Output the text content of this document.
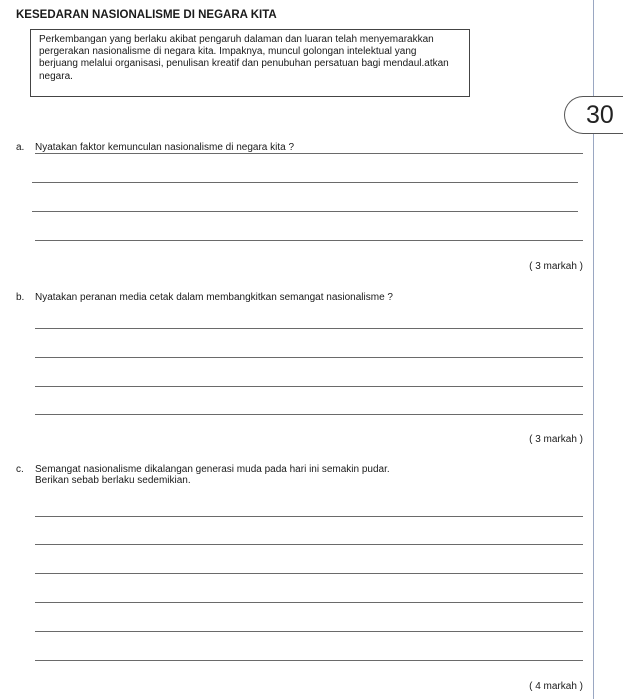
KESEDARAN NASIONALISME DI NEGARA KITA
Perkembangan yang berlaku akibat pengaruh dalaman dan luaran telah menyemarakkan
pergerakan nasionalisme di negara kita. Impaknya, muncul golongan intelektual yang
berjuang melalui organisasi, penulisan kreatif dan penubuhan persatuan bagi mendaul.atkan
negara.
30
a. Nyatakan faktor kemunculan nasionalisme di negara kita ?
( 3 markah )
b. Nyatakan peranan media cetak dalam membangkitkan semangat nasionalisme ?
( 3 markah )
c. Semangat nasionalisme dikalangan generasi muda pada hari ini semakin pudar.
Berikan sebab berlaku sedemikian.
( 4 markah )
